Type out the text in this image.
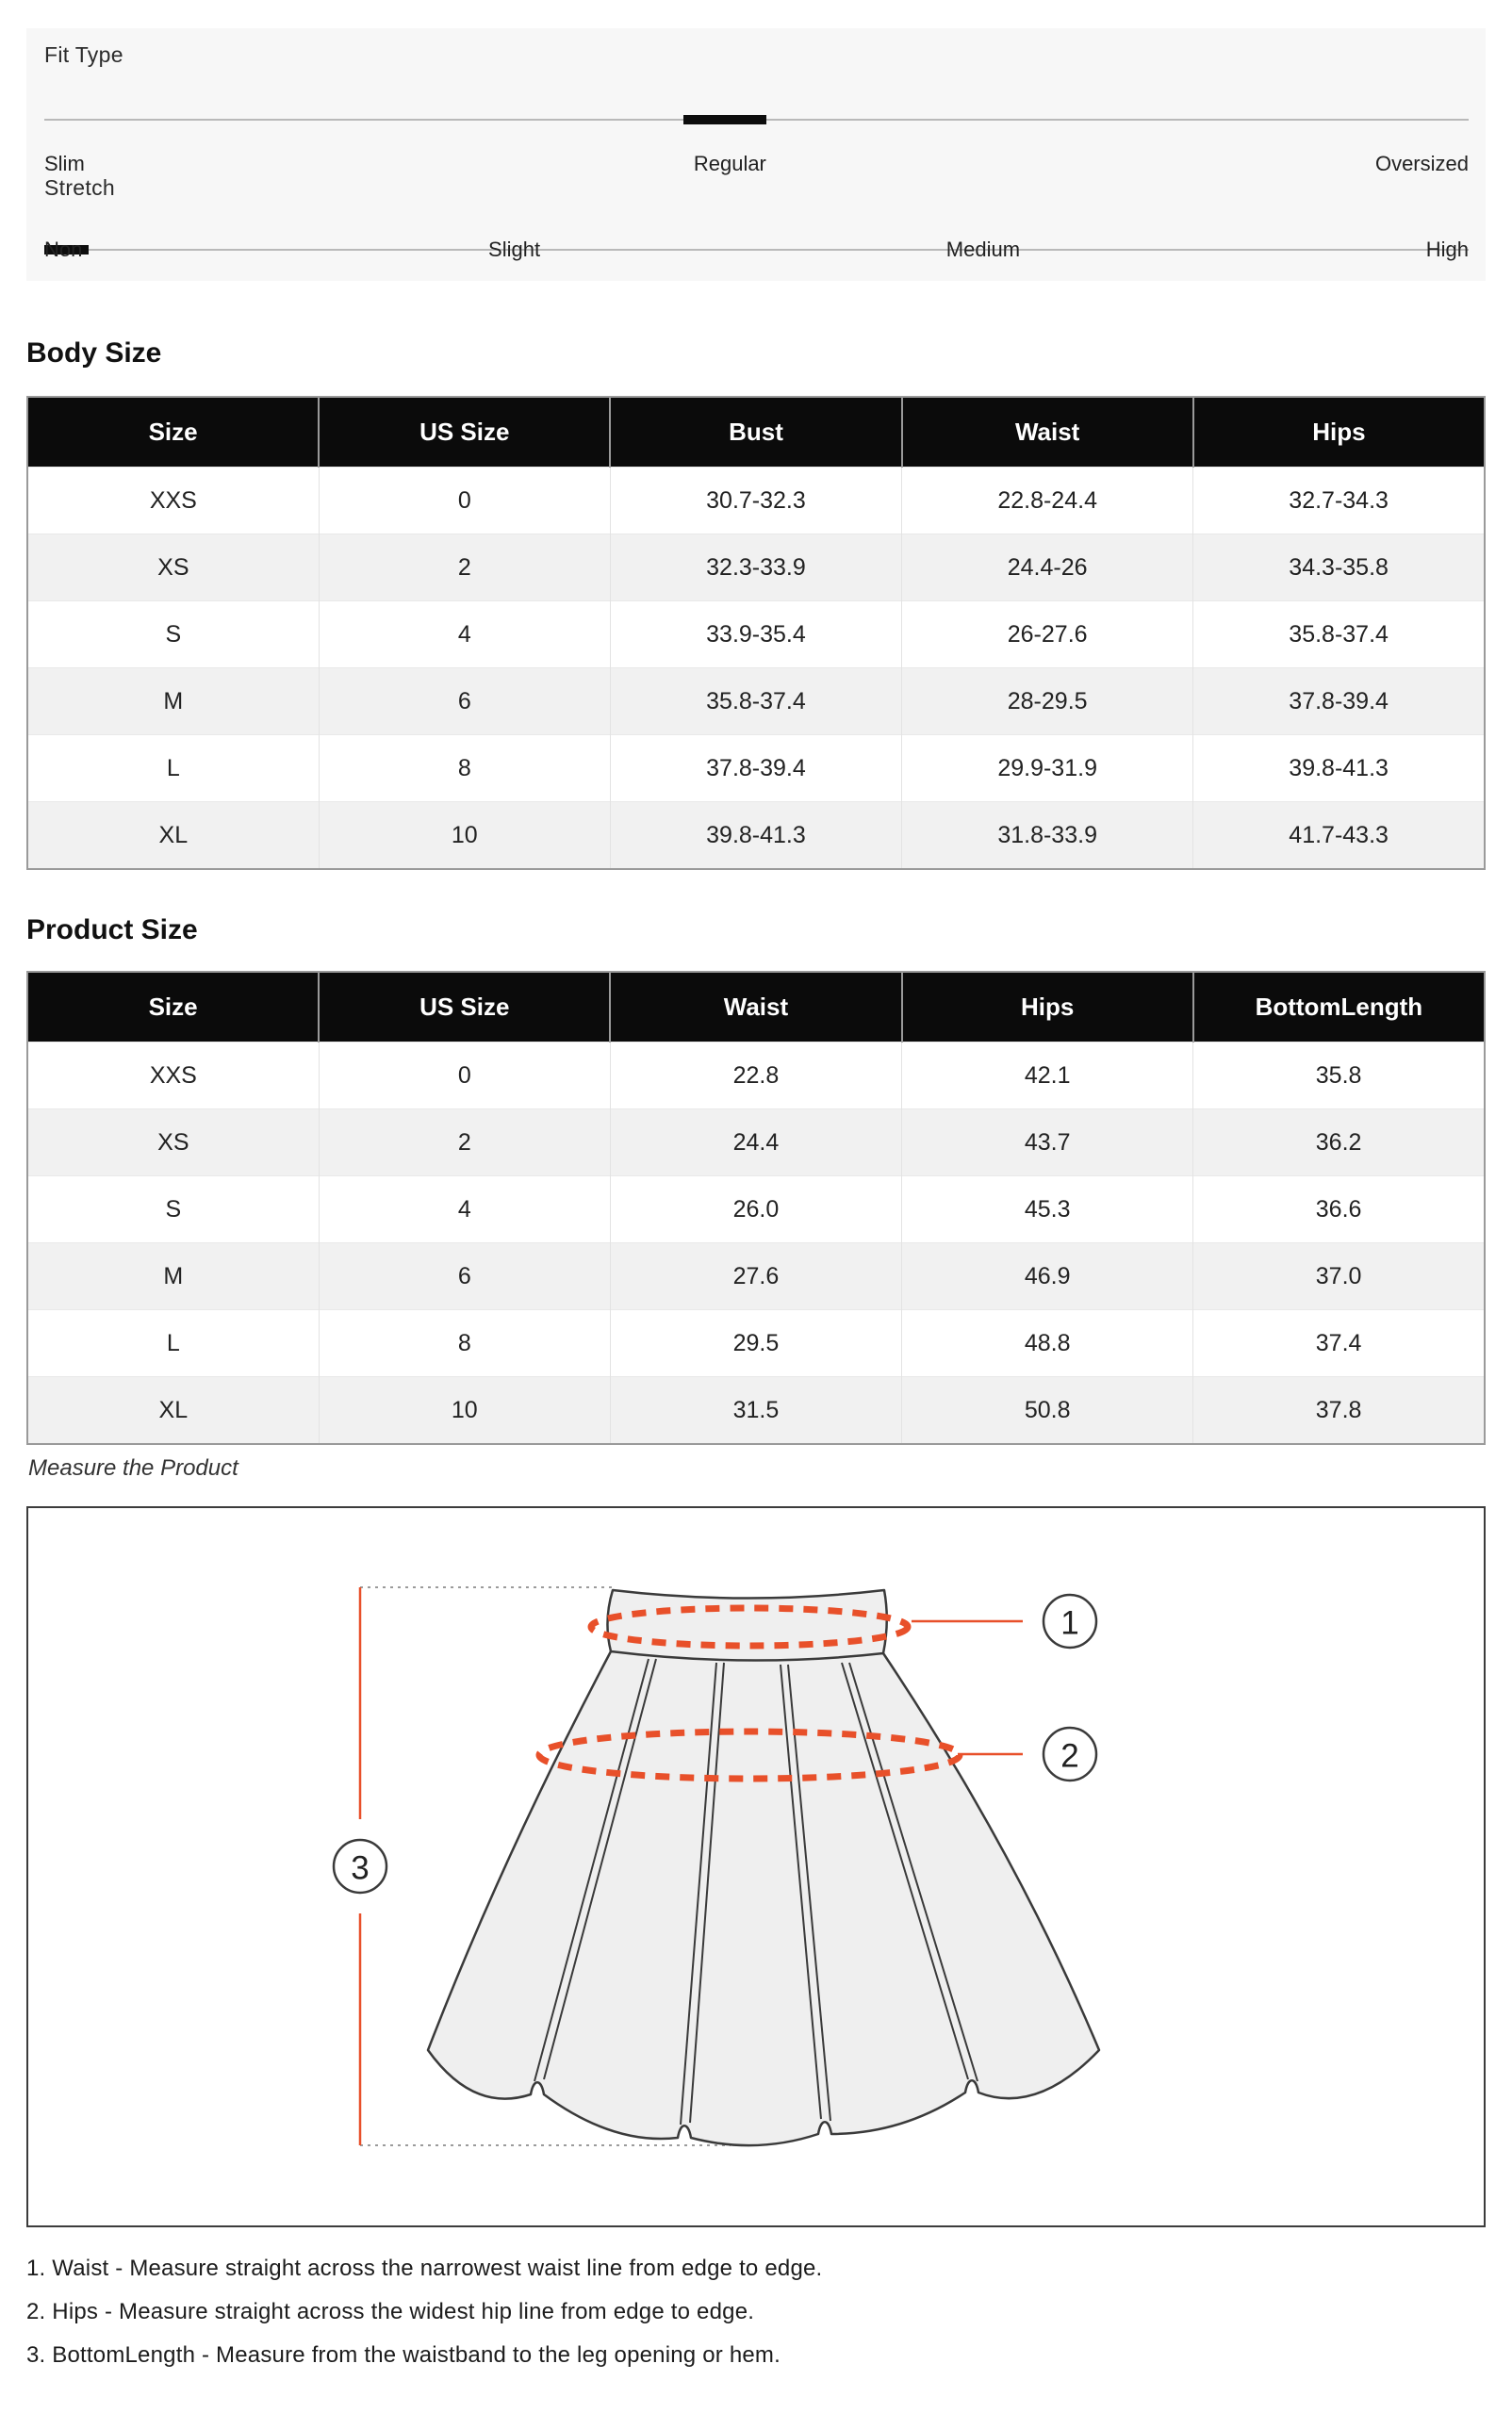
Fit Type
Slim	Regular	Oversized
Stretch
Non	Slight	Medium	High
Body Size
Size	US Size	Bust	Waist	Hips
XXS	0	30.7-32.3	22.8-24.4	32.7-34.3
XS	2	32.3-33.9	24.4-26	34.3-35.8
S	4	33.9-35.4	26-27.6	35.8-37.4
M	6	35.8-37.4	28-29.5	37.8-39.4
L	8	37.8-39.4	29.9-31.9	39.8-41.3
XL	10	39.8-41.3	31.8-33.9	41.7-43.3
Product Size
Size	US Size	Waist	Hips	BottomLength
XXS	0	22.8	42.1	35.8
XS	2	24.4	43.7	36.2
S	4	26.0	45.3	36.6
M	6	27.6	46.9	37.0
L	8	29.5	48.8	37.4
XL	10	31.5	50.8	37.8
Measure the Product
1
2
3
1. Waist - Measure straight across the narrowest waist line from edge to edge.
2. Hips - Measure straight across the widest hip line from edge to edge.
3. BottomLength - Measure from the waistband to the leg opening or hem.
